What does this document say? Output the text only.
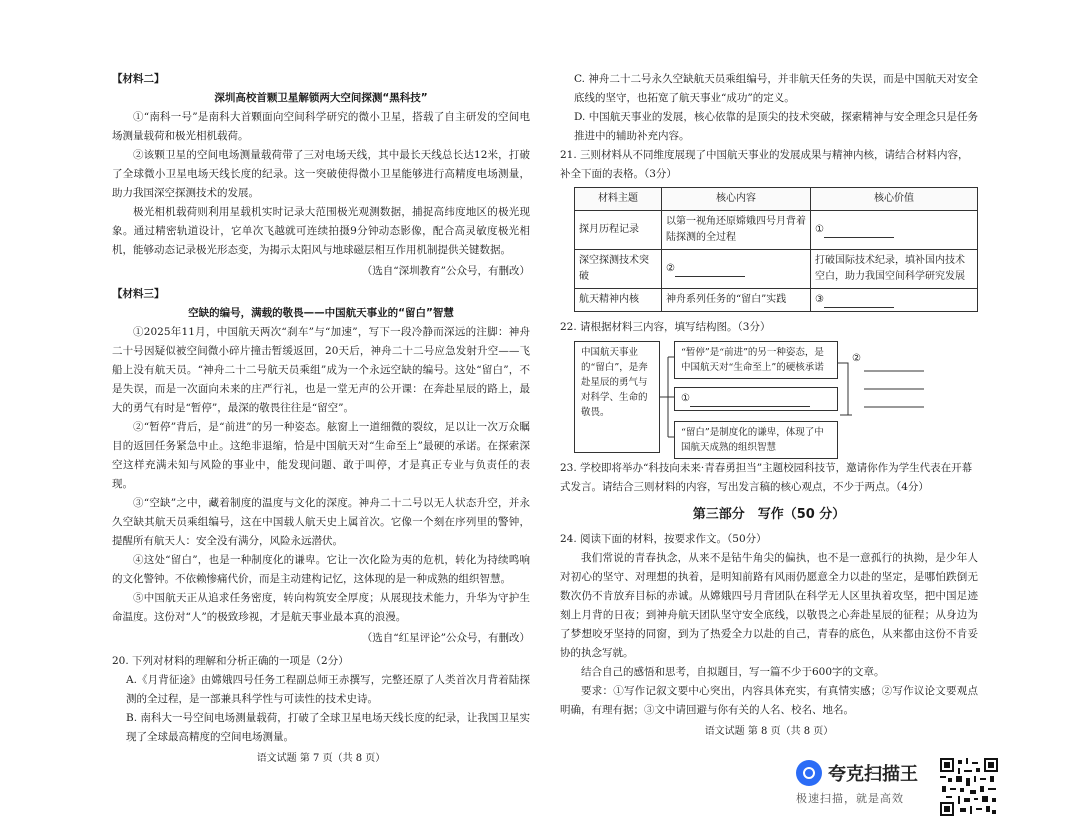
【材料二】
深圳高校首颗卫星解锁两大空间探测“黑科技”

①“南科一号”是南科大首颗面向空间科学研究的微小卫星，搭载了自主研发的空间电场测量载荷和极光相机载荷。

②该颗卫星的空间电场测量载荷带了三对电场天线，其中最长天线总长达12米，打破了全球微小卫星电场天线长度的纪录。这一突破使得微小卫星能够进行高精度电场测量，助力我国深空探测技术的发展。

极光相机载荷则利用星载机实时记录大范围极光观测数据，捕捉高纬度地区的极光现象。通过精密轨道设计，它单次飞越就可连续拍摄9分钟动态影像，配合高灵敏度极光相机，能够动态记录极光形态变，为揭示太阳风与地球磁层相互作用机制提供关键数据。

（选自“深圳教育”公众号，有删改）
【材料三】
空缺的编号，满载的敬畏——中国航天事业的“留白”智慧

①2025年11月，中国航天两次“刹车”与“加速”，写下一段冷静而深远的注脚：神舟二十号因疑似被空间微小碎片撞击暂缓返回，20天后，神舟二十二号应急发射升空——飞船上没有航天员。“神舟二十二号航天员乘组”成为一个永远空缺的编号。这处“留白”，不是失误，而是一次面向未来的庄严行礼，也是一堂无声的公开课：在奔赴星辰的路上，最大的勇气有时是“暂停”，最深的敬畏往往是“留空”。

②“暂停”背后，是“前进”的另一种姿态。舷窗上一道细微的裂纹，足以让一次万众瞩目的返回任务紧急中止。这绝非退缩，恰是中国航天对“生命至上”最硬的承诺。在探索深空这样充满未知与风险的事业中，能发现问题、敢于叫停，才是真正专业与负责任的表现。

③“空缺”之中，藏着制度的温度与文化的深度。神舟二十二号以无人状态升空，并永久空缺其航天员乘组编号，这在中国载人航天史上属首次。它像一个刻在序列里的警钟，提醒所有航天人：安全没有满分，风险永远潜伏。

④这处“留白”，也是一种制度化的谦卑。它让一次化险为夷的危机，转化为持续鸣响的文化警钟。不依赖惨痛代价，而是主动建构记忆，这体现的是一种成熟的组织智慧。

⑤中国航天正从追求任务密度，转向构筑安全厚度；从展现技术能力，升华为守护生命温度。这份对“人”的极致珍视，才是航天事业最本真的浪漫。

（选自“红星评论”公众号，有删改）

20. 下列对材料的理解和分析正确的一项是（2分）

A.《月背征途》由嫦娥四号任务工程副总师王赤撰写，完整还原了人类首次月背着陆探测的全过程，是一部兼具科学性与可读性的技术史诗。

B. 南科大一号空间电场测量载荷，打破了全球卫星电场天线长度的纪录，让我国卫星实现了全球最高精度的空间电场测量。

语文试题 第 7 页（共 8 页）

C. 神舟二十二号永久空缺航天员乘组编号，并非航天任务的失误，而是中国航天对安全底线的坚守，也拓宽了航天事业“成功”的定义。

D. 中国航天事业的发展，核心依靠的是顶尖的技术突破，探索精神与安全理念只是任务推进中的辅助补充内容。

21. 三则材料从不同维度展现了中国航天事业的发展成果与精神内核，请结合材料内容，补全下面的表格。（3分）

材料主题	核心内容	核心价值
探月历程记录	以第一视角还原嫦娥四号月背着陆探测的全过程	①
深空探测技术突破	②	打破国际技术纪录，填补国内技术空白，助力我国空间科学研究发展
航天精神内核	神舟系列任务的“留白”实践	③

22. 请根据材料三内容，填写结构图。（3分）

中国航天事业的“留白”，是奔赴星辰的勇气与对科学、生命的敬畏。
“暂停”是“前进”的另一种姿态，是中国航天对“生命至上”的硬核承诺
①
“留白”是制度化的谦卑，体现了中国航天成熟的组织智慧
②

23. 学校即将举办“科技向未来·青春勇担当”主题校园科技节，邀请你作为学生代表在开幕式发言。请结合三则材料的内容，写出发言稿的核心观点，不少于两点。（4分）

第三部分　写作（50 分）

24. 阅读下面的材料，按要求作文。（50分）

我们常说的青春执念，从来不是钻牛角尖的偏执，也不是一意孤行的执拗，是少年人对初心的坚守、对理想的执着，是明知前路有风雨仍愿意全力以赴的坚定，是哪怕跌倒无数次仍不肯放弃目标的赤诚。从嫦娥四号月背团队在科学无人区里执着攻坚，把中国足迹刻上月背的日夜；到神舟航天团队坚守安全底线，以敬畏之心奔赴星辰的征程；从身边为了梦想咬牙坚持的同窗，到为了热爱全力以赴的自己，青春的底色，从来都由这份不肯妥协的执念写就。

结合自己的感悟和思考，自拟题目，写一篇不少于600字的文章。

要求：①写作记叙文要中心突出，内容具体充实，有真情实感；②写作议论文要观点明确，有理有据；③文中请回避与你有关的人名、校名、地名。

语文试题 第 8 页（共 8 页）
夸克扫描王
极速扫描，就是高效
